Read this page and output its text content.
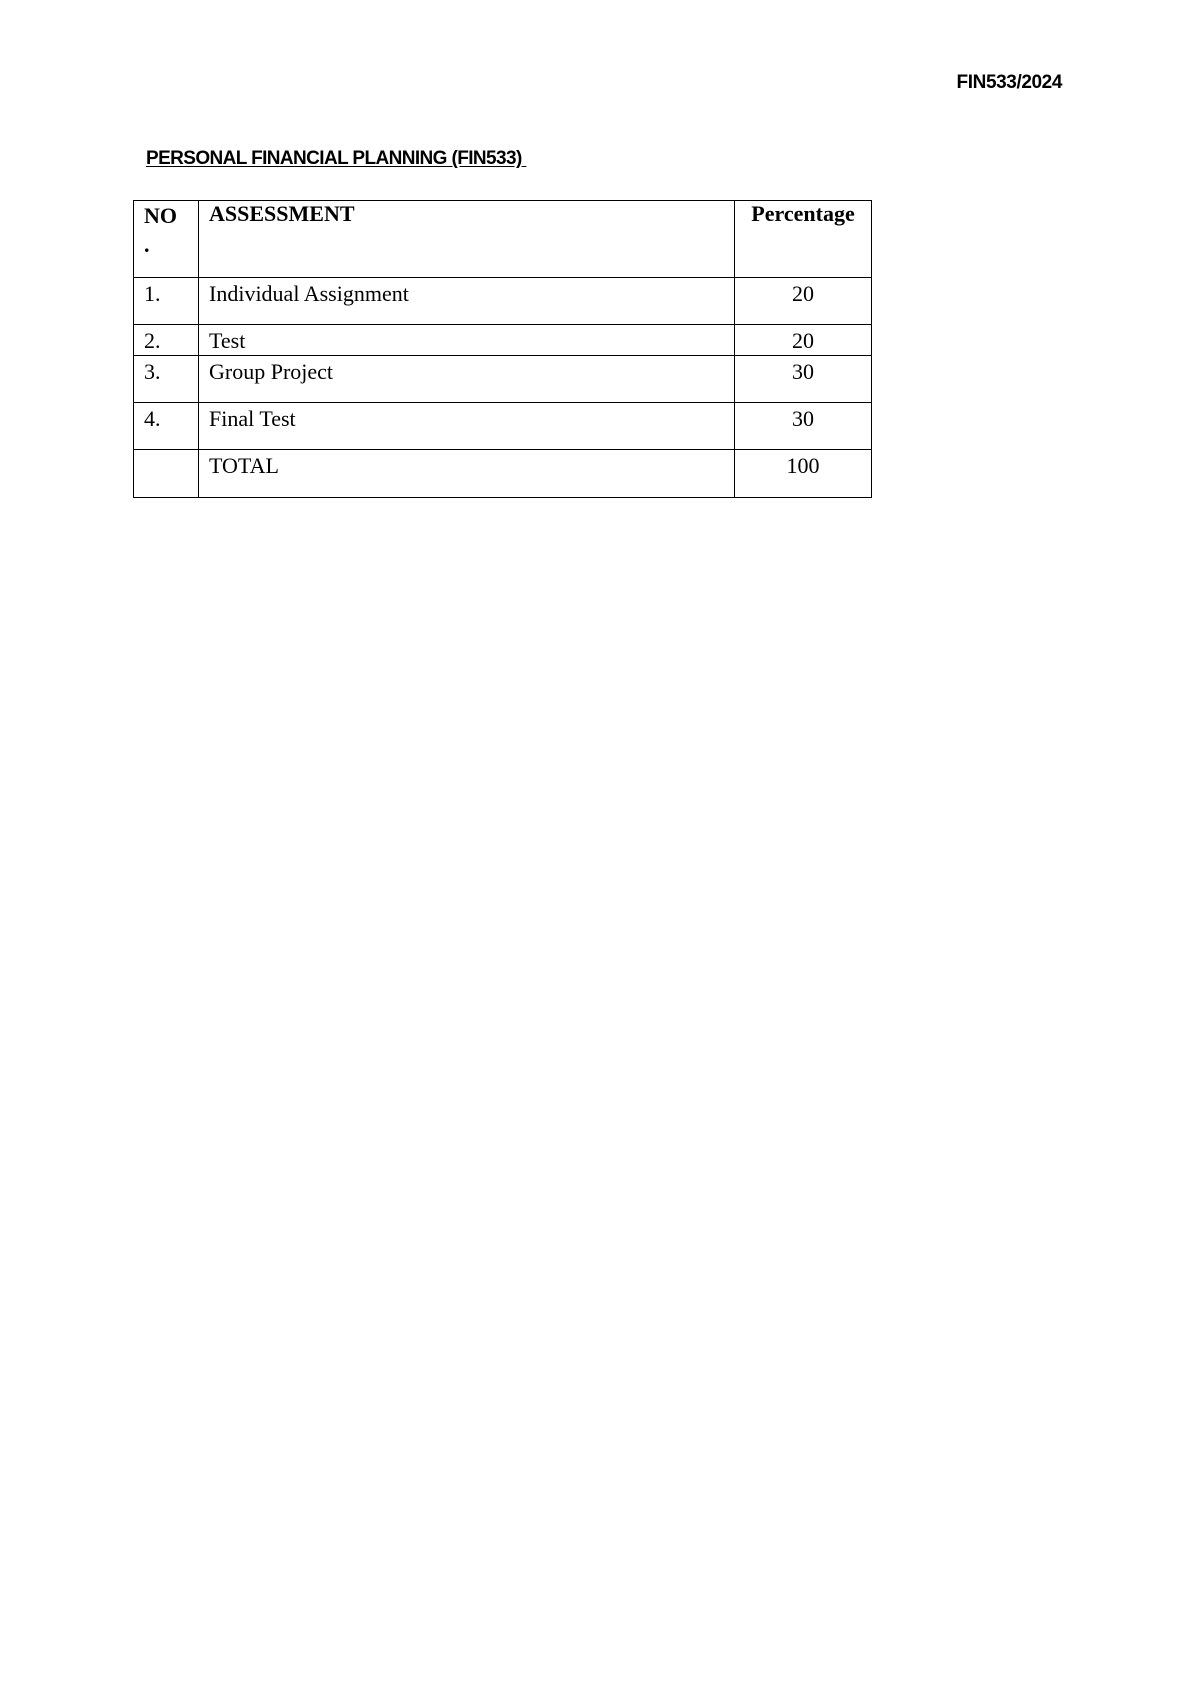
FIN533/2024
PERSONAL FINANCIAL PLANNING (FIN533)
NO
.	ASSESSMENT	Percentage
1.	Individual Assignment	20
2.	Test	20
3.	Group Project	30
4.	Final Test	30
	TOTAL	100
